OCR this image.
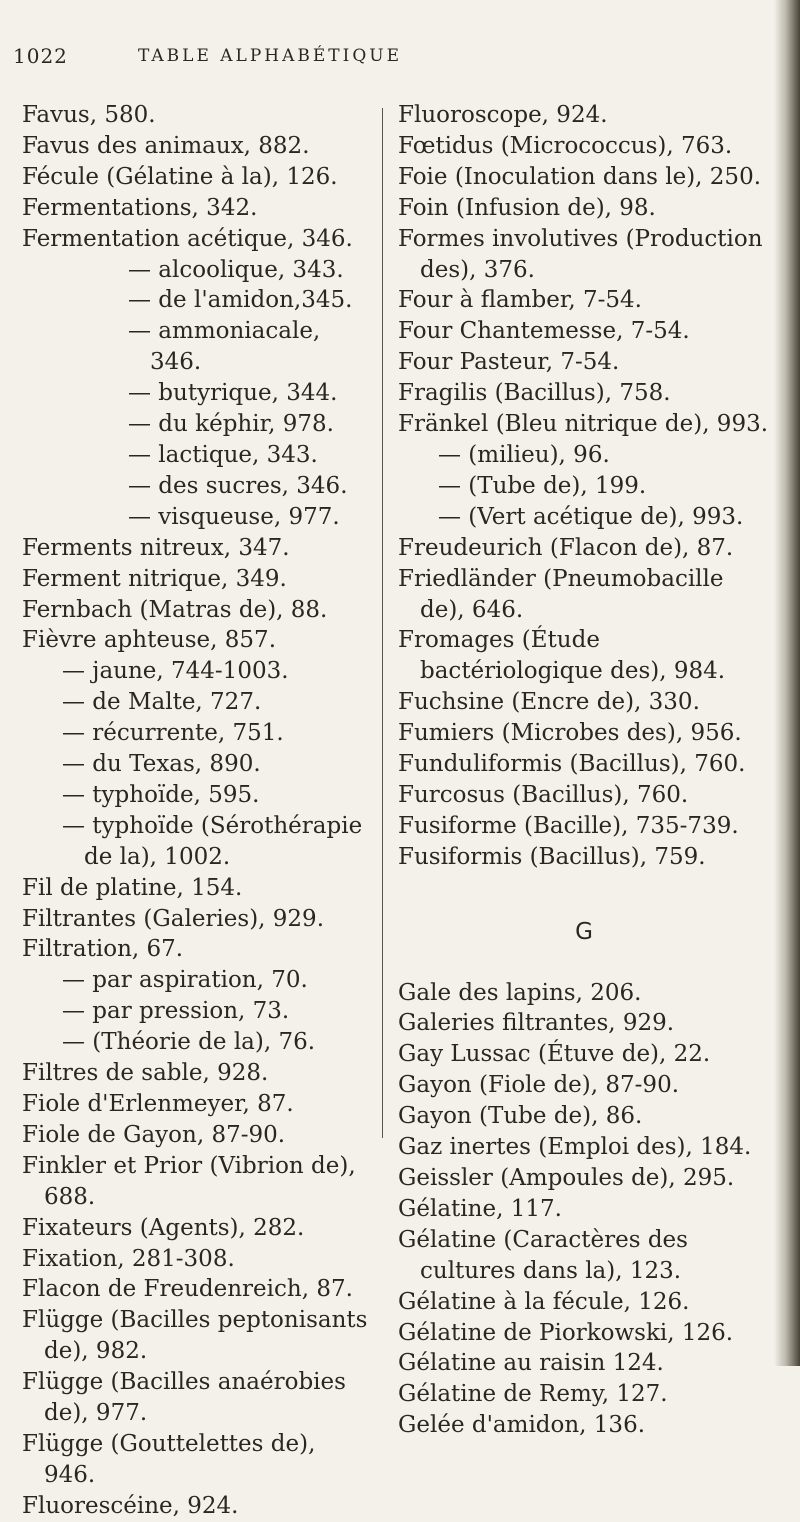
1022	TABLE ALPHABÉTIQUE
Favus, 580.
Favus des animaux, 882.
Fécule (Gélatine à la), 126.
Fermentations, 342.
Fermentation acétique, 346.
— alcoolique, 343.
— de l'amidon,345.
— ammoniacale, 346.
— butyrique, 344.
— du képhir, 978.
— lactique, 343.
— des sucres, 346.
— visqueuse, 977.
Ferments nitreux, 347.
Ferment nitrique, 349.
Fernbach (Matras de), 88.
Fièvre aphteuse, 857.
— jaune, 744-1003.
— de Malte, 727.
— récurrente, 751.
— du Texas, 890.
— typhoïde, 595.
— typhoïde (Sérothérapie de la), 1002.
Fil de platine, 154.
Filtrantes (Galeries), 929.
Filtration, 67.
— par aspiration, 70.
— par pression, 73.
— (Théorie de la), 76.
Filtres de sable, 928.
Fiole d'Erlenmeyer, 87.
Fiole de Gayon, 87-90.
Finkler et Prior (Vibrion de), 688.
Fixateurs (Agents), 282.
Fixation, 281-308.
Flacon de Freudenreich, 87.
Flügge (Bacilles peptonisants de), 982.
Flügge (Bacilles anaérobies de), 977.
Flügge (Gouttelettes de), 946.
Fluorescéine, 924.
Fluoroscope, 924.
Fœtidus (Micrococcus), 763.
Foie (Inoculation dans le), 250.
Foin (Infusion de), 98.
Formes involutives (Production des), 376.
Four à flamber, 7-54.
Four Chantemesse, 7-54.
Four Pasteur, 7-54.
Fragilis (Bacillus), 758.
Fränkel (Bleu nitrique de), 993.
— (milieu), 96.
— (Tube de), 199.
— (Vert acétique de), 993.
Freudeurich (Flacon de), 87.
Friedländer (Pneumobacille de), 646.
Fromages (Étude bactériologique des), 984.
Fuchsine (Encre de), 330.
Fumiers (Microbes des), 956.
Funduliformis (Bacillus), 760.
Furcosus (Bacillus), 760.
Fusiforme (Bacille), 735-739.
Fusiformis (Bacillus), 759.
G
Gale des lapins, 206.
Galeries filtrantes, 929.
Gay Lussac (Étuve de), 22.
Gayon (Fiole de), 87-90.
Gayon (Tube de), 86.
Gaz inertes (Emploi des), 184.
Geissler (Ampoules de), 295.
Gélatine, 117.
Gélatine (Caractères des cultures dans la), 123.
Gélatine à la fécule, 126.
Gélatine de Piorkowski, 126.
Gélatine au raisin 124.
Gélatine de Remy, 127.
Gelée d'amidon, 136.
